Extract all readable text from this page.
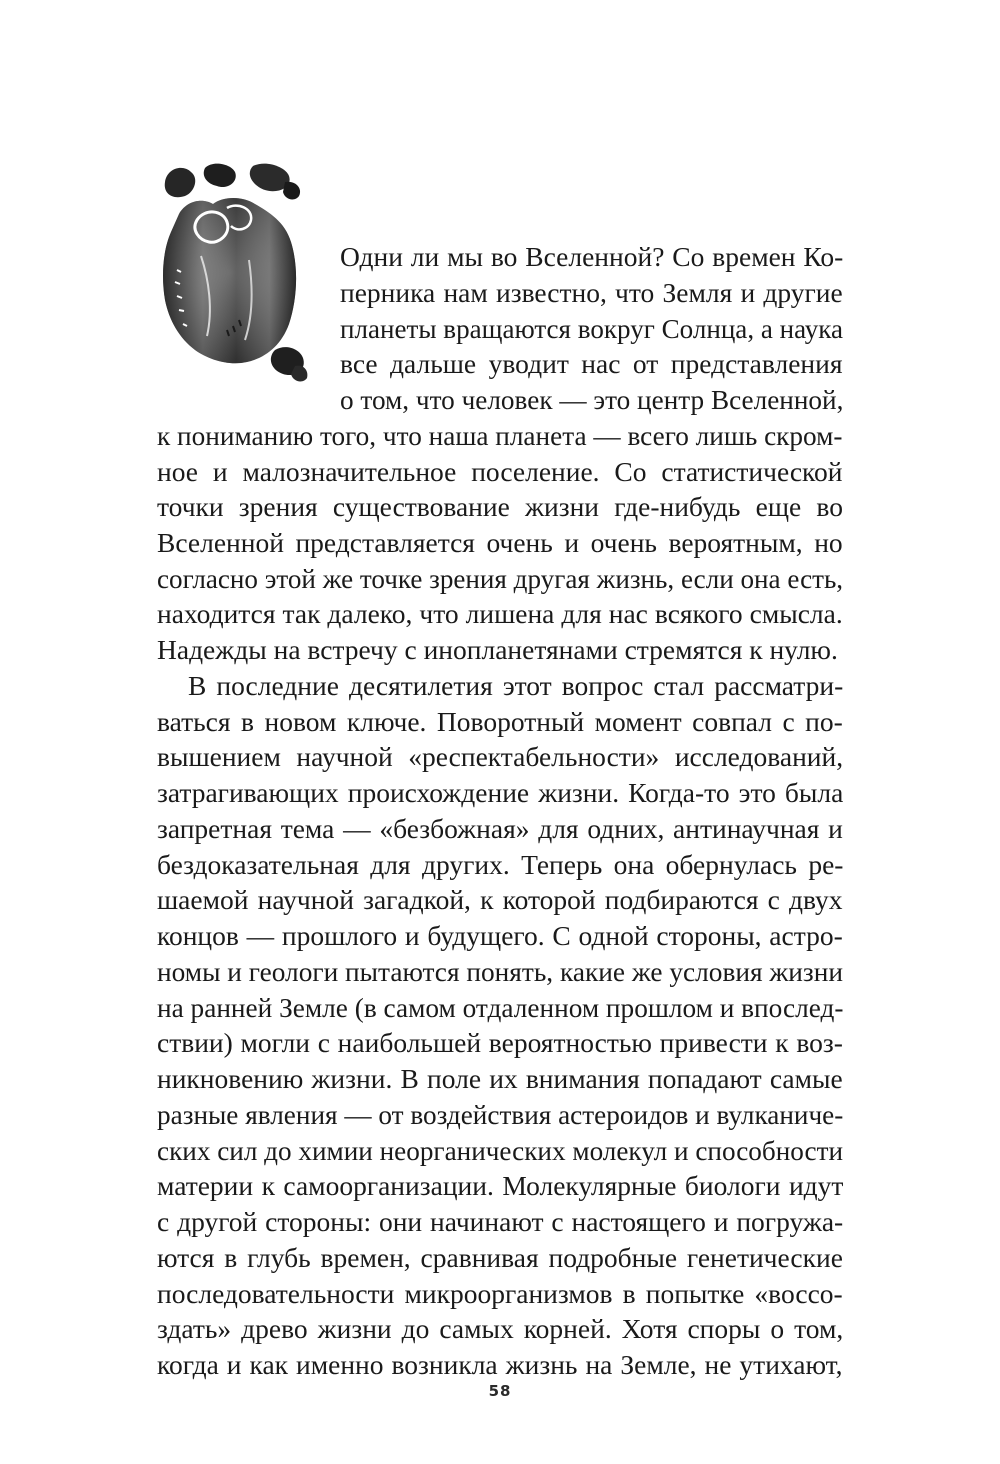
Одни ли мы во Вселенной? Со времен Ко-
перника нам известно, что Земля и другие
планеты вращаются вокруг Солнца, а наука
все дальше уводит нас от представления
о том, что человек — это центр Вселенной,
к пониманию того, что наша планета — всего лишь скром-
ное и малозначительное поселение. Со статистической
точки зрения существование жизни где-нибудь еще во
Вселенной представляется очень и очень вероятным, но
согласно этой же точке зрения другая жизнь, если она есть,
находится так далеко, что лишена для нас всякого смысла.
Надежды на встречу с инопланетянами стремятся к нулю.
В последние десятилетия этот вопрос стал рассматри-
ваться в новом ключе. Поворотный момент совпал с по-
вышением научной «респектабельности» исследований,
затрагивающих происхождение жизни. Когда-то это была
запретная тема — «безбожная» для одних, антинаучная и
бездоказательная для других. Теперь она обернулась ре-
шаемой научной загадкой, к которой подбираются с двух
концов — прошлого и будущего. С одной стороны, астро-
номы и геологи пытаются понять, какие же условия жизни
на ранней Земле (в самом отдаленном прошлом и впослед-
ствии) могли с наибольшей вероятностью привести к воз-
никновению жизни. В поле их внимания попадают самые
разные явления — от воздействия астероидов и вулканиче-
ских сил до химии неорганических молекул и способности
материи к самоорганизации. Молекулярные биологи идут
с другой стороны: они начинают с настоящего и погружа-
ются в глубь времен, сравнивая подробные генетические
последовательности микроорганизмов в попытке «воссо-
здать» древо жизни до самых корней. Хотя споры о том,
когда и как именно возникла жизнь на Земле, не утихают,
58
